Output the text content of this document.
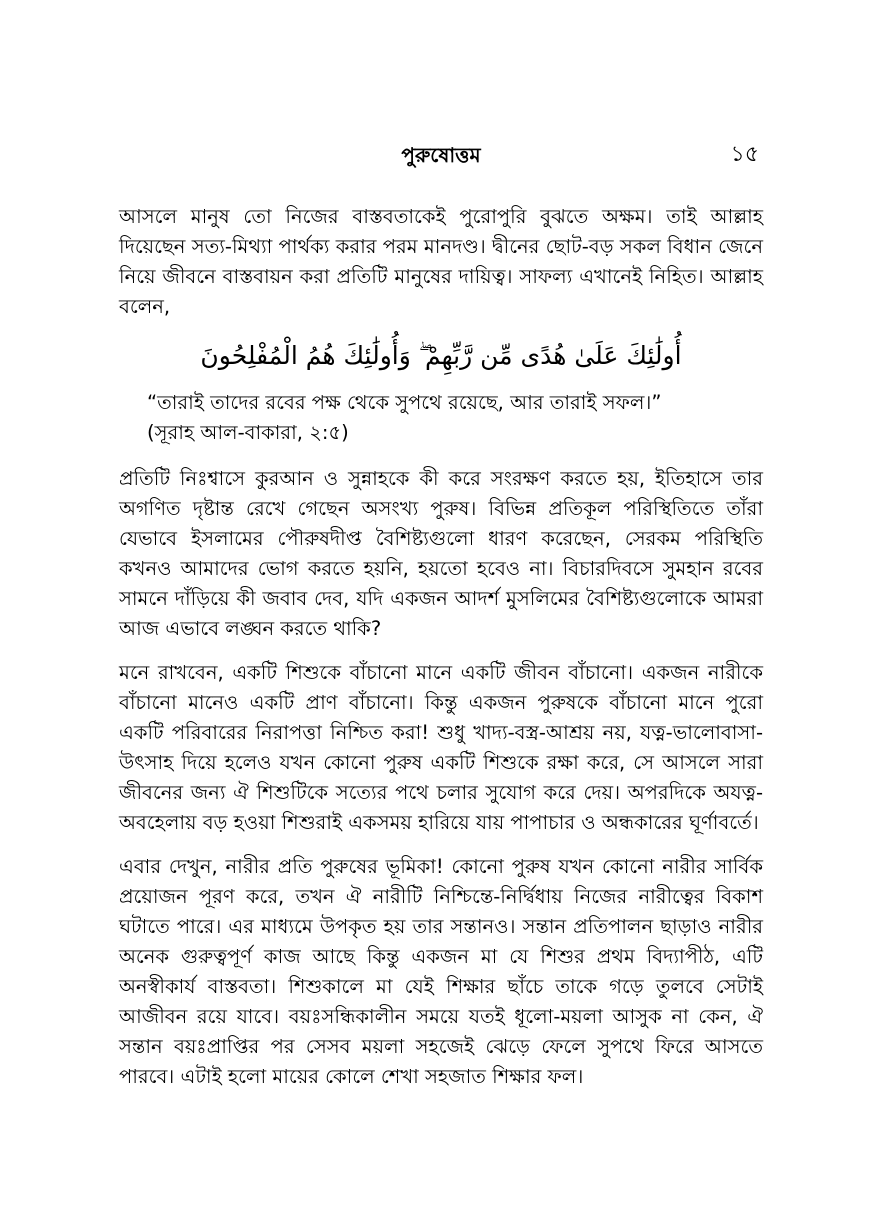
পুরুষোত্তম	১৫

আসলে মানুষ তো নিজের বাস্তবতাকেই পুরোপুরি বুঝতে অক্ষম। তাই আল্লাহ দিয়েছেন সত্য-মিথ্যা পার্থক্য করার পরম মানদণ্ড। দ্বীনের ছোট-বড় সকল বিধান জেনে নিয়ে জীবনে বাস্তবায়ন করা প্রতিটি মানুষের দায়িত্ব। সাফল্য এখানেই নিহিত। আল্লাহ বলেন,

أُولَٰئِكَ عَلَىٰ هُدًى مِّن رَّبِّهِمْ ۖ وَأُولَٰئِكَ هُمُ الْمُفْلِحُونَ
“তারাই তাদের রবের পক্ষ থেকে সুপথে রয়েছে, আর তারাই সফল।”
(সূরাহ আল-বাকারা, ২:৫)

প্রতিটি নিঃশ্বাসে কুরআন ও সুন্নাহকে কী করে সংরক্ষণ করতে হয়, ইতিহাসে তার অগণিত দৃষ্টান্ত রেখে গেছেন অসংখ্য পুরুষ। বিভিন্ন প্রতিকূল পরিস্থিতিতে তাঁরা যেভাবে ইসলামের পৌরুষদীপ্ত বৈশিষ্ট্যগুলো ধারণ করেছেন, সেরকম পরিস্থিতি কখনও আমাদের ভোগ করতে হয়নি, হয়তো হবেও না। বিচারদিবসে সুমহান রবের সামনে দাঁড়িয়ে কী জবাব দেব, যদি একজন আদর্শ মুসলিমের বৈশিষ্ট্যগুলোকে আমরা আজ এভাবে লঙ্ঘন করতে থাকি?

মনে রাখবেন, একটি শিশুকে বাঁচানো মানে একটি জীবন বাঁচানো। একজন নারীকে বাঁচানো মানেও একটি প্রাণ বাঁচানো। কিন্তু একজন পুরুষকে বাঁচানো মানে পুরো একটি পরিবারের নিরাপত্তা নিশ্চিত করা! শুধু খাদ্য-বস্ত্র-আশ্রয় নয়, যত্ন-ভালোবাসা-উৎসাহ দিয়ে হলেও যখন কোনো পুরুষ একটি শিশুকে রক্ষা করে, সে আসলে সারা জীবনের জন্য ঐ শিশুটিকে সত্যের পথে চলার সুযোগ করে দেয়। অপরদিকে অযত্ন-অবহেলায় বড় হওয়া শিশুরাই একসময় হারিয়ে যায় পাপাচার ও অন্ধকারের ঘূর্ণাবর্তে।

এবার দেখুন, নারীর প্রতি পুরুষের ভূমিকা! কোনো পুরুষ যখন কোনো নারীর সার্বিক প্রয়োজন পূরণ করে, তখন ঐ নারীটি নিশ্চিন্তে-নির্দ্বিধায় নিজের নারীত্বের বিকাশ ঘটাতে পারে। এর মাধ্যমে উপকৃত হয় তার সন্তানও। সন্তান প্রতিপালন ছাড়াও নারীর অনেক গুরুত্বপূর্ণ কাজ আছে কিন্তু একজন মা যে শিশুর প্রথম বিদ্যাপীঠ, এটি অনস্বীকার্য বাস্তবতা। শিশুকালে মা যেই শিক্ষার ছাঁচে তাকে গড়ে তুলবে সেটাই আজীবন রয়ে যাবে। বয়ঃসন্ধিকালীন সময়ে যতই ধূলো-ময়লা আসুক না কেন, ঐ সন্তান বয়ঃপ্রাপ্তির পর সেসব ময়লা সহজেই ঝেড়ে ফেলে সুপথে ফিরে আসতে পারবে। এটাই হলো মায়ের কোলে শেখা সহজাত শিক্ষার ফল।
